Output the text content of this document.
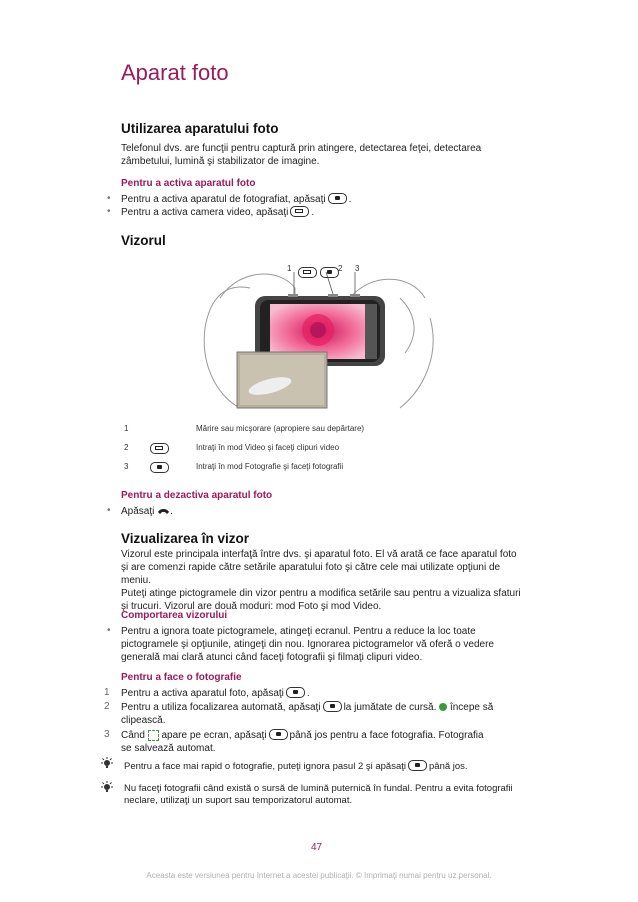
Aparat foto
Utilizarea aparatului foto
Telefonul dvs. are funcţii pentru captură prin atingere, detectarea feţei, detectarea
zâmbetului, lumină şi stabilizator de imagine.
Pentru a activa aparatul foto
• Pentru a activa aparatul de fotografiat, apăsaţi .
• Pentru a activa camera video, apăsaţi .
Vizorul
1	2 3
1	Mărire sau micşorare (apropiere sau depărtare)
2	Intraţi în mod Video şi faceţi clipuri video
3	Intraţi în mod Fotografie şi faceţi fotografii
Pentru a dezactiva aparatul foto
• Apăsaţi .
Vizualizarea în vizor
Vizorul este principala interfaţă între dvs. şi aparatul foto. El vă arată ce face aparatul foto
şi are comenzi rapide către setările aparatului foto şi către cele mai utilizate opţiuni de meniu.
Puteţi atinge pictogramele din vizor pentru a modifica setările sau pentru a vizualiza sfaturi
şi trucuri. Vizorul are două moduri: mod Foto şi mod Video.
Comportarea vizorului
• Pentru a ignora toate pictogramele, atingeţi ecranul. Pentru a reduce la loc toate
pictogramele şi opţiunile, atingeţi din nou. Ignorarea pictogramelor vă oferă o vedere
generală mai clară atunci când faceţi fotografii şi filmaţi clipuri video.
Pentru a face o fotografie
1 Pentru a activa aparatul foto, apăsaţi .
2 Pentru a utiliza focalizarea automată, apăsaţi la jumătate de cursă. începe să
clipească.
3 Când apare pe ecran, apăsaţi până jos pentru a face fotografia. Fotografia
se salvează automat.
Pentru a face mai rapid o fotografie, puteţi ignora pasul 2 şi apăsaţi până jos.
Nu faceţi fotografii când există o sursă de lumină puternică în fundal. Pentru a evita fotografii
neclare, utilizaţi un suport sau temporizatorul automat.
47
Aceasta este versiunea pentru Internet a acestei publicaţii. © Imprimaţi numai pentru uz personal.
